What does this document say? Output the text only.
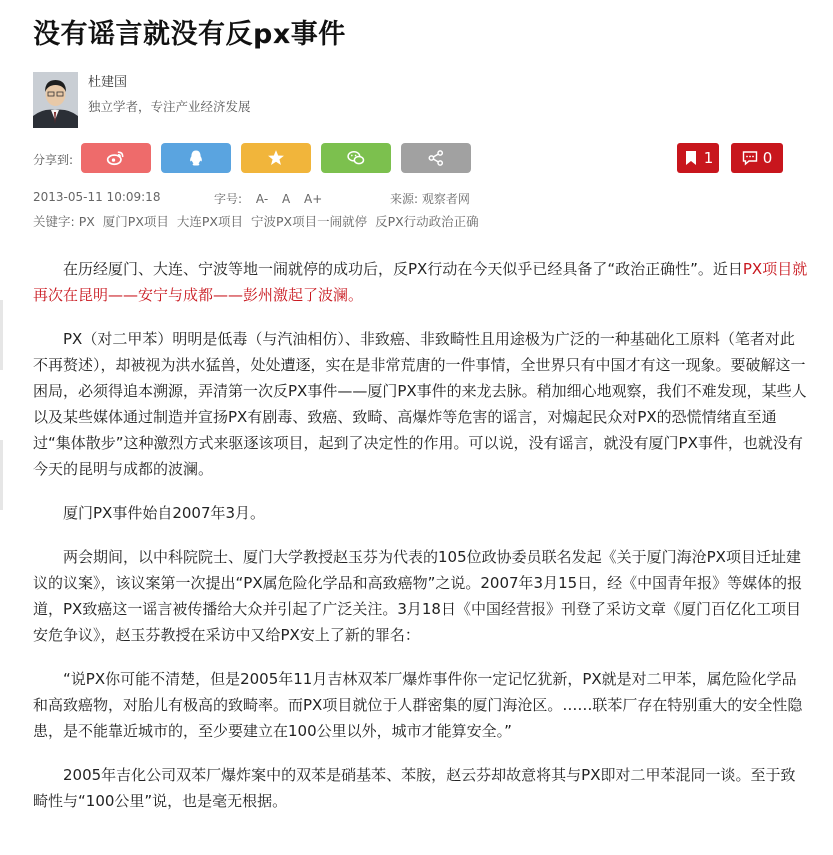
没有谣言就没有反px事件
杜建国
独立学者，专注产业经济发展
分享到:	1	0
2013-05-11 10:09:18	字号: A- A A+	来源: 观察者网
关键字: PX 厦门PX项目 大连PX项目 宁波PX项目一闹就停 反PX行动政治正确

在历经厦门、大连、宁波等地一闹就停的成功后，反PX行动在今天似乎已经具备了“政治正确性”。近日PX项目就再次在昆明——安宁与成都——彭州激起了波澜。

PX（对二甲苯）明明是低毒（与汽油相仿）、非致癌、非致畸性且用途极为广泛的一种基础化工原料（笔者对此不再赘述），却被视为洪水猛兽，处处遭逐，实在是非常荒唐的一件事情，全世界只有中国才有这一现象。要破解这一困局，必须得追本溯源，弄清第一次反PX事件——厦门PX事件的来龙去脉。稍加细心地观察，我们不难发现，某些人以及某些媒体通过制造并宣扬PX有剧毒、致癌、致畸、高爆炸等危害的谣言，对煽起民众对PX的恐慌情绪直至通过“集体散步”这种激烈方式来驱逐该项目，起到了决定性的作用。可以说，没有谣言，就没有厦门PX事件，也就没有今天的昆明与成都的波澜。

厦门PX事件始自2007年3月。

两会期间，以中科院院士、厦门大学教授赵玉芬为代表的105位政协委员联名发起《关于厦门海沧PX项目迁址建议的议案》，该议案第一次提出“PX属危险化学品和高致癌物”之说。2007年3月15日，经《中国青年报》等媒体的报道，PX致癌这一谣言被传播给大众并引起了广泛关注。3月18日《中国经营报》刊登了采访文章《厦门百亿化工项目安危争议》，赵玉芬教授在采访中又给PX安上了新的罪名：

“说PX你可能不清楚，但是2005年11月吉林双苯厂爆炸事件你一定记忆犹新，PX就是对二甲苯，属危险化学品和高致癌物，对胎儿有极高的致畸率。而PX项目就位于人群密集的厦门海沧区。……联苯厂存在特别重大的安全性隐患，是不能靠近城市的，至少要建立在100公里以外，城市才能算安全。”

2005年吉化公司双苯厂爆炸案中的双苯是硝基苯、苯胺，赵云芬却故意将其与PX即对二甲苯混同一谈。至于致畸性与“100公里”说，也是毫无根据。
